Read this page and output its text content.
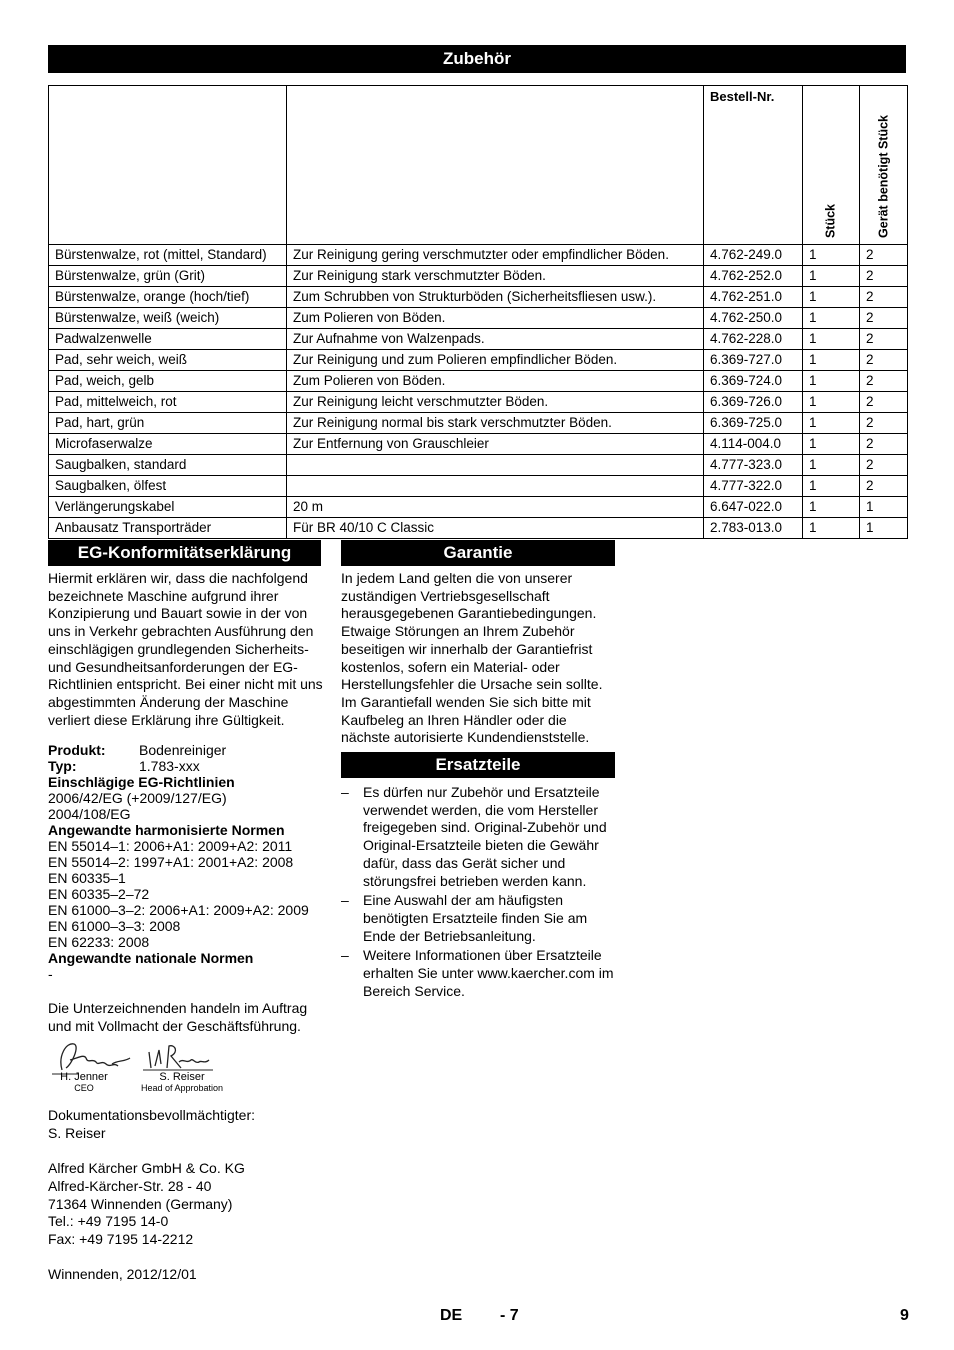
Zubehör

		Bestell-Nr.	Stück	Gerät benötigt Stück

Bürstenwalze, rot (mittel, Standard)	Zur Reinigung gering verschmutzter oder empfindlicher Böden.	4.762-249.0	1	2
Bürstenwalze, grün (Grit)	Zur Reinigung stark verschmutzter Böden.	4.762-252.0	1	2
Bürstenwalze, orange (hoch/tief)	Zum Schrubben von Strukturböden (Sicherheitsfliesen usw.).	4.762-251.0	1	2
Bürstenwalze, weiß (weich)	Zum Polieren von Böden.	4.762-250.0	1	2
Padwalzenwelle	Zur Aufnahme von Walzenpads.	4.762-228.0	1	2
Pad, sehr weich, weiß	Zur Reinigung und zum Polieren empfindlicher Böden.	6.369-727.0	1	2
Pad, weich, gelb	Zum Polieren von Böden.	6.369-724.0	1	2
Pad, mittelweich, rot	Zur Reinigung leicht verschmutzter Böden.	6.369-726.0	1	2
Pad, hart, grün	Zur Reinigung normal bis stark verschmutzter Böden.	6.369-725.0	1	2
Microfaserwalze	Zur Entfernung von Grauschleier	4.114-004.0	1	2
Saugbalken, standard		4.777-323.0	1	2
Saugbalken, ölfest		4.777-322.0	1	2
Verlängerungskabel	20 m	6.647-022.0	1	1
Anbausatz Transporträder	Für BR 40/10 C Classic	2.783-013.0	1	1
EG-Konformitätserklärung

Hiermit erklären wir, dass die nachfolgend bezeichnete Maschine aufgrund ihrer Konzipierung und Bauart sowie in der von uns in Verkehr gebrachten Ausführung den einschlägigen grundlegenden Sicherheits- und Gesundheitsanforderungen der EG-Richtlinien entspricht. Bei einer nicht mit uns abgestimmten Änderung der Maschine verliert diese Erklärung ihre Gültigkeit.

Produkt:	Bodenreiniger
Typ:	1.783-xxx
Einschlägige EG-Richtlinien
2006/42/EG (+2009/127/EG)
2004/108/EG
Angewandte harmonisierte Normen
EN 55014–1: 2006+A1: 2009+A2: 2011
EN 55014–2: 1997+A1: 2001+A2: 2008
EN 60335–1
EN 60335–2–72
EN 61000–3–2: 2006+A1: 2009+A2: 2009
EN 61000–3–3: 2008
EN 62233: 2008
Angewandte nationale Normen
-

Die Unterzeichnenden handeln im Auftrag und mit Vollmacht der Geschäftsführung.

H. Jenner
CEO
S. Reiser
Head of Approbation
Dokumentationsbevollmächtigter:
S. Reiser
Alfred Kärcher GmbH & Co. KG
Alfred-Kärcher-Str. 28 - 40
71364 Winnenden (Germany)
Tel.: +49 7195 14-0
Fax: +49 7195 14-2212
Winnenden, 2012/12/01
Garantie

In jedem Land gelten die von unserer zuständigen Vertriebsgesellschaft herausgegebenen Garantiebedingungen. Etwaige Störungen an Ihrem Zubehör beseitigen wir innerhalb der Garantiefrist kostenlos, sofern ein Material- oder Herstellungsfehler die Ursache sein sollte. Im Garantiefall wenden Sie sich bitte mit Kaufbeleg an Ihren Händler oder die nächste autorisierte Kundendienststelle.

Ersatzteile
– Es dürfen nur Zubehör und Ersatzteile verwendet werden, die vom Hersteller freigegeben sind. Original-Zubehör und Original-Ersatzteile bieten die Gewähr dafür, dass das Gerät sicher und störungsfrei betrieben werden kann.
– Eine Auswahl der am häufigsten benötigten Ersatzteile finden Sie am Ende der Betriebsanleitung.
– Weitere Informationen über Ersatzteile erhalten Sie unter www.kaercher.com im Bereich Service.
DE - 7	9
